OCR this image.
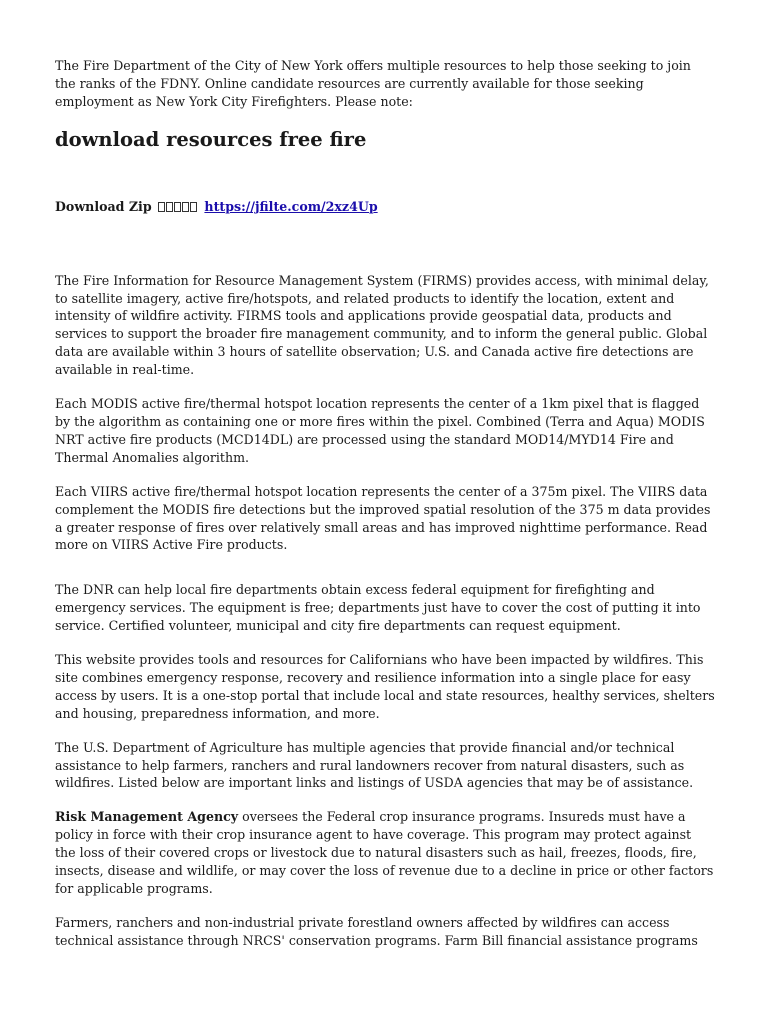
The Fire Department of the City of New York offers multiple resources to help those seeking to join the ranks of the FDNY. Online candidate resources are currently available for those seeking employment as New York City Firefighters. Please note:

download resources free fire
Download Zip	https://jfilte.com/2xz4Up

The Fire Information for Resource Management System (FIRMS) provides access, with minimal delay, to satellite imagery, active fire/hotspots, and related products to identify the location, extent and intensity of wildfire activity. FIRMS tools and applications provide geospatial data, products and services to support the broader fire management community, and to inform the general public. Global data are available within 3 hours of satellite observation; U.S. and Canada active fire detections are available in real-time.

Each MODIS active fire/thermal hotspot location represents the center of a 1km pixel that is flagged by the algorithm as containing one or more fires within the pixel. Combined (Terra and Aqua) MODIS NRT active fire products (MCD14DL) are processed using the standard MOD14/MYD14 Fire and Thermal Anomalies algorithm.

Each VIIRS active fire/thermal hotspot location represents the center of a 375m pixel. The VIIRS data complement the MODIS fire detections but the improved spatial resolution of the 375 m data provides a greater response of fires over relatively small areas and has improved nighttime performance. Read more on VIIRS Active Fire products.

The DNR can help local fire departments obtain excess federal equipment for firefighting and emergency services. The equipment is free; departments just have to cover the cost of putting it into service. Certified volunteer, municipal and city fire departments can request equipment.

This website provides tools and resources for Californians who have been impacted by wildfires. This site combines emergency response, recovery and resilience information into a single place for easy access by users. It is a one-stop portal that include local and state resources, healthy services, shelters and housing, preparedness information, and more.

The U.S. Department of Agriculture has multiple agencies that provide financial and/or technical assistance to help farmers, ranchers and rural landowners recover from natural disasters, such as wildfires. Listed below are important links and listings of USDA agencies that may be of assistance.

Risk Management Agency oversees the Federal crop insurance programs. Insureds must have a policy in force with their crop insurance agent to have coverage. This program may protect against the loss of their covered crops or livestock due to natural disasters such as hail, freezes, floods, fire, insects, disease and wildlife, or may cover the loss of revenue due to a decline in price or other factors for applicable programs.

Farmers, ranchers and non-industrial private forestland owners affected by wildfires can access technical assistance through NRCS' conservation programs. Farm Bill financial assistance programs
